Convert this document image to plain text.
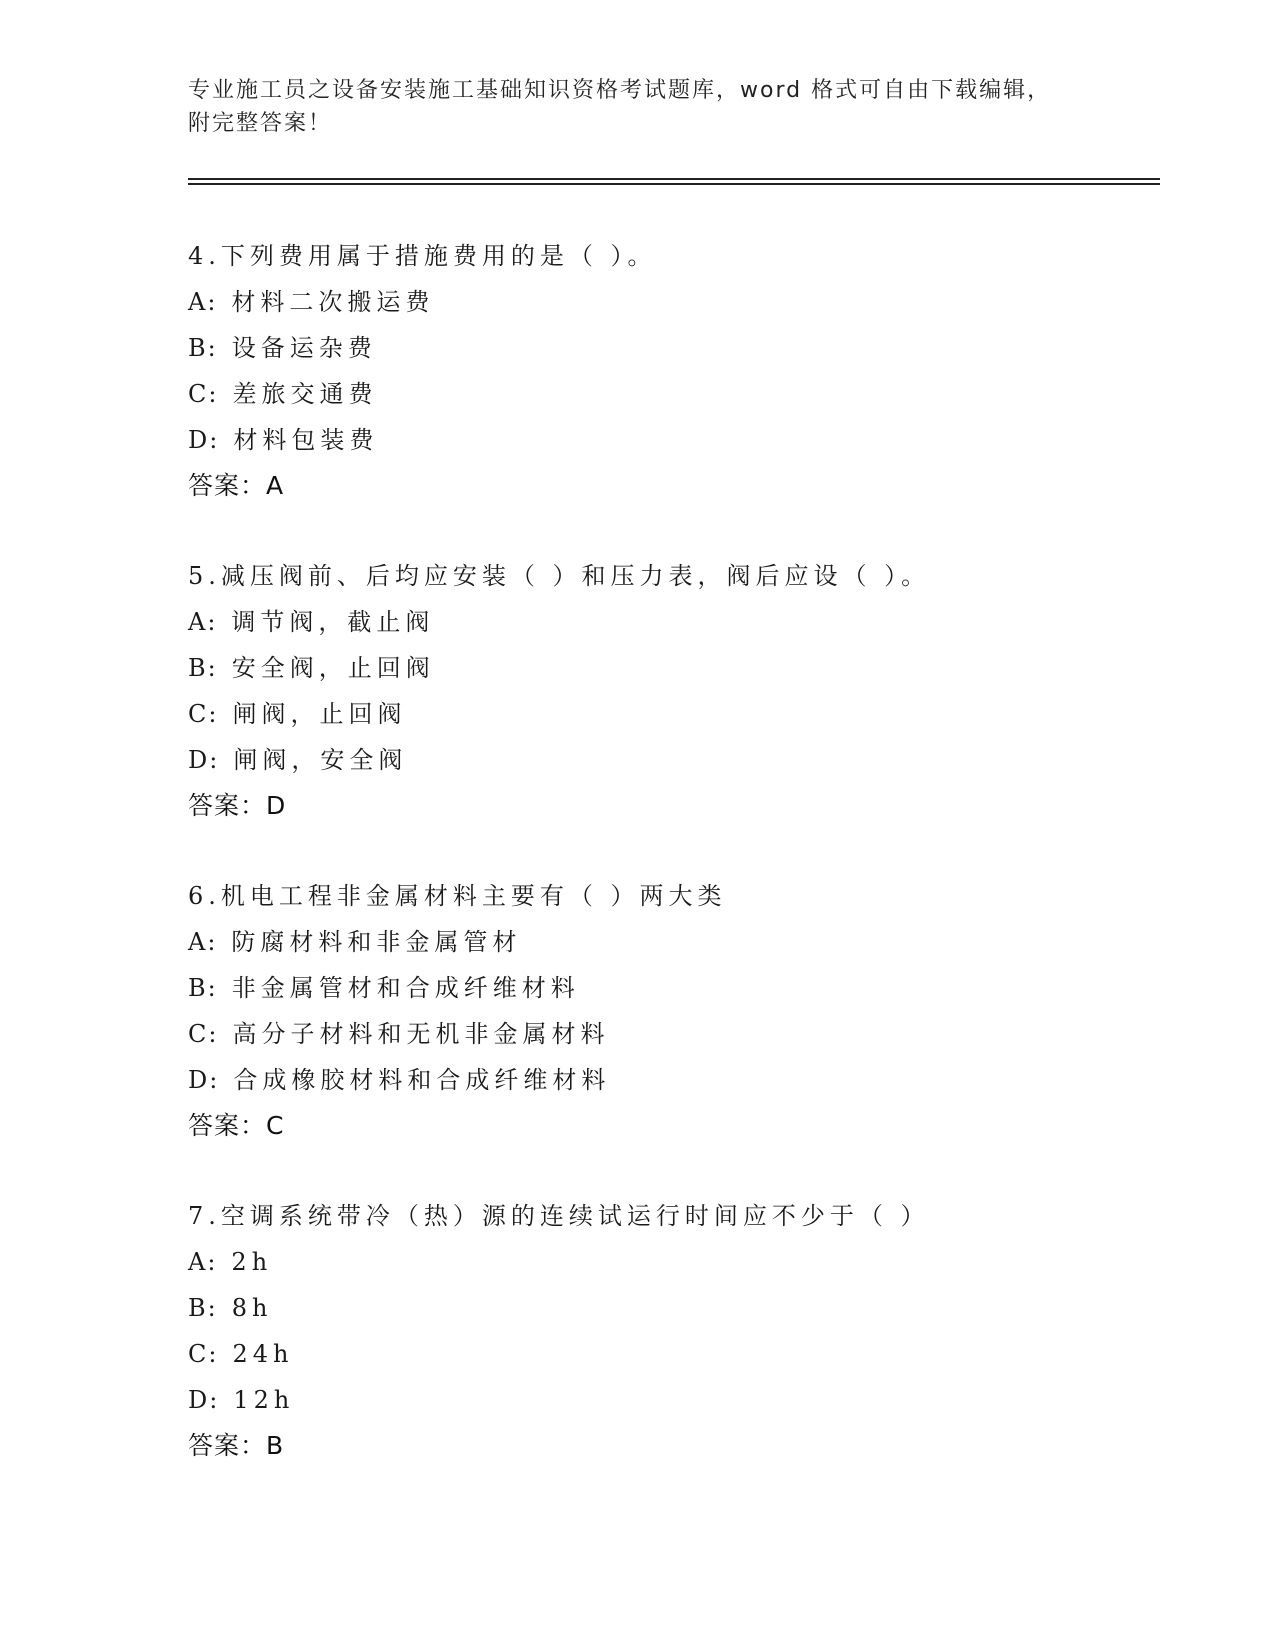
专业施工员之设备安装施工基础知识资格考试题库，word 格式可自由下载编辑，
附完整答案！
4.下列费用属于措施费用的是（ ）。
A: 材料二次搬运费
B: 设备运杂费
C: 差旅交通费
D: 材料包装费
答案：A
5.减压阀前、后均应安装（ ）和压力表，阀后应设（ ）。
A: 调节阀，截止阀
B: 安全阀，止回阀
C: 闸阀，止回阀
D: 闸阀，安全阀
答案：D
6.机电工程非金属材料主要有（ ）两大类
A: 防腐材料和非金属管材
B: 非金属管材和合成纤维材料
C: 高分子材料和无机非金属材料
D: 合成橡胶材料和合成纤维材料
答案：C
7.空调系统带冷（热）源的连续试运行时间应不少于（ ）
A: 2h
B: 8h
C: 24h
D: 12h
答案：B
